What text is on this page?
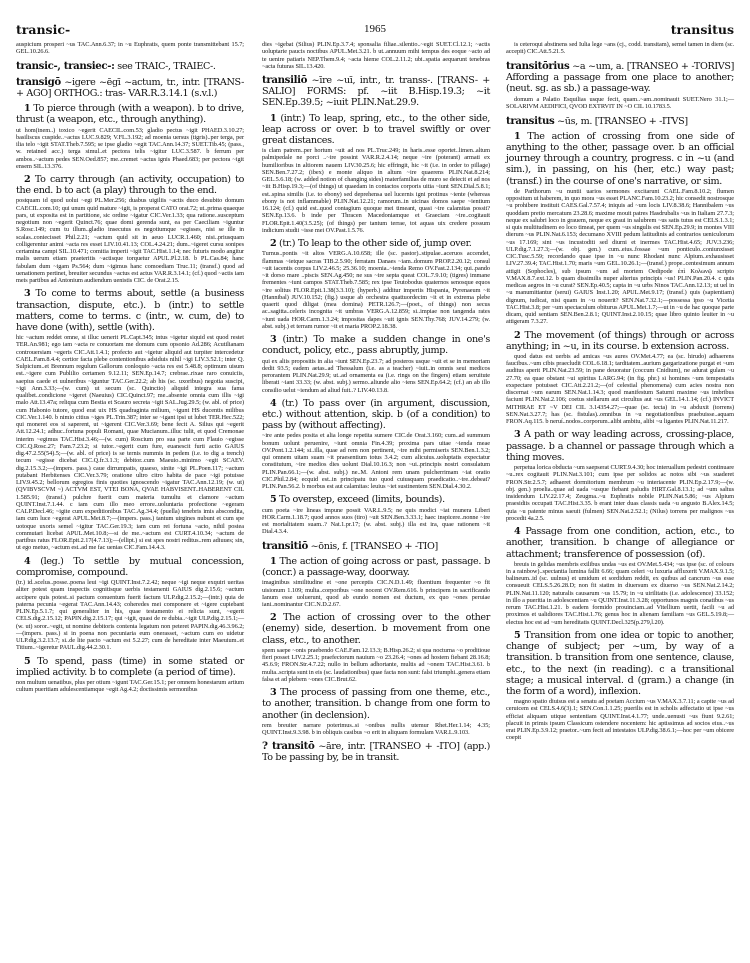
transic-	1965	transitus

auspicium prosperi ~us TAC.Ann.6.37; in ~u Euphratis, quem ponte transmittebant 15.7; GEL.10.26.6.

transic-, transiec-: see TRAIC-, TRAIEC-.

transigō ~igere ~ēgī ~actum, tr., intr. [TRANS- + AGO] ORTHOG.: tras- VAR.R.3.14.1 (s.v.l.)

1 To pierce through (with a weapon). b to drive, thrust (a weapon, etc., through anything).

ut hom(inem..) toxico ~egerit CAECIL.com.53; gladio pectus ~igit PHAED.3.10.27; basiliscus cuspide..~actus LUC.9.829; V.FL.3.192; ad moenia uersus (tigris)..per terga, per ilia telo ~igit STAT.Theb.7.595; se ipse gladio ~egit TAC.Ann.14.37; SUET.Tib.45; (pass., w. retained acc.) terga simul..et pectora telis ~igitur LUC.3.587. b ferrum per ambos..~actum pedes SEN.Oed.857; me..cremet ~actus ignis Phaed.683; per pectora ~igit ensem SIL.13.376.

2 To carry through (an activity, occupation) to the end. b to act (a play) through to the end.

postquam id quod uolui ~egi PL.Mer.256; duabus uigiliis ~actis duco desubito domum CAECIL.com.10; qui unum quid mature ~igit, is properat CATO orat.72; ut..prima quaeque pars, ut exposita est in partitione, sic ordine ~igatur CIC.Ver.1.33; qua ratione..susceptum negotium non ~egerit Quinct.76; quae domi gerenda sunt, ea per Caeciliam ~iguntur S.Rosc.149; cum tu illum..gladio insecutus es negotiumque ~egisses, nisi se ille in scalas..coniecisset Phil.2.21; ~actum quid sit in aeuo LUCR.1.460; nisi..priusquam colligerentur animi ~acta res esset LIV.10.41.13; COL.4.24.21; dum..~igeret cursu sonipes certamina campi SIL.10.471; comitia imperii ~igit TAC.Hist.1.14; nec futuris modo angitur malis uerum etiam praeteritis ~actisque torquetur APUL.Pl.2.18. b PL.Cas.84; hanc fabulam dum ~igam Ps.564; dum ~igimus hanc comoediam Truc.11; (transf.) quod ad uenationem pertinet, breuiter secundus ~actus est actus VAR.R.3.14.1; (cf.) quod ~actis iam meis partibus ad Antonium audiendum uenistis CIC. de Orat.2.15.

3 To come to terms about, settle (a business transaction, dispute, etc.). b (intr.) to settle matters, come to terms. c (intr., w. cum, de) to have done (with), settle (with).

hic ~actum reddet omne, si illuc uenerit PL.Capt.345; intus ~igetur siquid est quod restet TER.An.981; ego iam ~acta re conuortam me domum cum opsonio Ad.286; Acutilianam controuersiam ~egeris CIC.Att.1.4.1; profecto aut ~igetur aliquid aut turpiter intercedetur CAEL.Fam.8.4.4; certior facta plebe contentionibus adsiduis nihil ~igi LIV.3.52.1; inter Q. Sulpicium..et Brennum regulum Gallorum conloquio ~acta res est 5.48.8; optimum uisum est..~igere cum Publilio certamen 9.12.11; SEN.Ep.14.7; crebrae..rixae raro conuiciis, saepius caede et uulneribus ~iguntur TAC.Ger.22.2; ab his (sc. uxoribus) negotia suscipi, ~igi Ann.3.33;—(w. cum) ut secum (sc. Quinctio) aliquid integra sua fama qualibet..condicione ~igeret (Naeuius) CIC.Quinct.97; me..absente omnia cum illis ~igi malo Att.13.47a; reliqua cum Bestia et Scauro secreta ~igit SAL.Jug.29.5; (w. abl. of price) cum Habonio tutore, quod erat uix HS quadraginta milium, ~igunt HS ducentis milibus CIC.Ver.1.140. b nimio citius ~iges PL.Trin.387; inter se ~igant ipsi ut lubet TER.Hec.522; qui moneret eos si saperent, ut ~igerent CIC.Ver.3.69; bene fecit A. Silius qui ~egerit Att.12.24.1; adhuc..fortuna populi Romani, quae Mucianum..illuc tulit, et quod Cremonae interim ~egimus TAC.Hist.3.46;—(w. cum) Roscium pro sua parte cum Flauio ~egisse CIC.Q.Rosc.27; Fam.7.23.2; si tutor..~egerit cum fure, euanescit furti actio GAIUS dig.47.2.55(54).5;—(w. abl. of price) is se ternis nummis in pedem (i.e. to dig a trench) tecum ~egisse dicebat CIC.Q.fr.3.1.3; debitor..cum Maeuio..minimo ~egit SCAEV. dig.2.15.3.2;—(impers. pass.) caue dirrumpatis, quaeso, sinite ~igi PL.Poen.117; ~actum putabant Herbitenses CIC.Ver.3.79; oratione ultro citro habita de pace ~igi potuisse LIV.9.45.2; bellorum egregios finis quoties ignoscendo ~igatur TAC.Ann.12.19; (w. ut) (QVIBVSCVM ~) ACTVM EST, VTEI BONA, QVAE HABVISENT..HABERENT CIL 1.585.91; (transf.) pulchre fuerit cum materia tumultu et clamore ~actum QUINT.Inst.7.1.44. c iam cum illo meo errore..uoluntaria profectione ~egeram CALP.Decl.46; ~igite cum expeditionibus TAC.Ag.34.4; (puella) tenebris imis abscondita, iam cum luce ~egerat APUL.Met.8.7;—(impers. pass.) tantum uirgines nubunt et cum spe uotoque uxoris semel ~igitur TAC.Ger.19.3; iam cum rei fortuna ~acto, nihil postea commutari licebat APUL.Met.10.8;—si de me..~actum est CURT.4.10.34; ~actum de partibus ratus FLOR.Epit.2.17(4.7.13);—(ellipt.) si est spes nostri reditus..rem adiuues; sin, ut ego metuo, ~actum est..ad me fac uenias CIC.Fam.14.4.3.

4 (leg.) To settle by mutual concession, compromise, compound.

(tr.) id..scelus..posse..poena leui ~igi QUINT.Inst.7.2.42; neque ~igi neque exquiri ueritas aliter potest quam inspectis cognitisque uerbis testamenti GAIUS dig.2.15.6; ~actum accipere quis potest..si pactum conuentum fuerit factum ULP.dig.2.15.2;—(intr.) quia de paterna pecunia ~egerat TAC.Ann.14.43; coheredes mei componere et ~igere cupiebant PLIN.Ep.5.1.7; qui generaliter in his, quae testamento ei relicta sunt, ~egerit CELS.dig.2.15.12; PAPIN.dig.2.15.17; qui ~igit, quasi de re dubia..~igit ULP.dig.2.15.1;—(w. ut) soror..~egit, ut nomine debitoris contenta legatum non peteret PAPIN.dig.46.3.96.2;—(impers. pass.) si in poena non pecuniaria eum onerasset, ~actum cum eo uidetur ULP.dig.3.2.13.7; si..de lite pacto ~actum est 5.2.27; cum de hereditate inter Maeuium..et Titium..~igeretur PAUL.dig.44.2.30.1.

5 To spend, pass (time) in some stated or implied activity. b to complete (a period of time).

non multum uenatibus, plus per otium ~igunt TAC.Ger.15.1; per omnem honestarum artium cultum pueritiam adulescentiamque ~egit Ag.4.2; doctissimis sermonibus

dies ~igebat (Silius) PLIN.Ep.3.7.4; sponsalia filiae..silentio..~egit SUET.Cl.12.1; ~actis uoluptarie paucis noctibus APUL.Met.3.21. b ut..annuum mihi tempus des eoque ~acto ad te uenire patiaris NEP.Them.9.4; ~acta hieme COL.2.11.2; ubi..spatia aequarunt tenebras ~acta futuras SIL.13.420.

transiliō ~īre ~uī, intr., tr. transs-. [TRANS- + SALIO] FORMS: pf. ~iit B.Hisp.19.3; ~it SEN.Ep.39.5; ~iuit PLIN.Nat.29.9.

1 (intr.) To leap, spring, etc., to the other side, leap across or over. b to travel swiftly or over great distances.

is clam patrem..per hortum ~uit ad nos PL.Truc.249; in haris..esse oportet..limen..altum palmipedale ne porci ..~ire possint VAR.R.2.4.14; neque ~ire (poterant) armati ex humilioribus in altiorem nauem LIV.30.25.6; hic effringit, hic ~it (i.e. in order to pillage) SEN.Ben.7.27.2; (ibex) e monte aliquo in altum ~ire quaerens PLIN.Nat.8.214; GEL.5.6.18; (w. added notion of changing sides) materfamilias de muro se deiecit et ad nos ~iit B.Hisp.19.3;—(of things) ut quaedam in contactos corporis uitia ~iunt SEN.Dial.5.8.1; est..spina similis (i.e. to ebony) sed deprehensa uel lucernis igni protinus ~iente (whereas ebony is not inflammable) PLIN.Nat.12.21; ramorum..in uicinas domos saepe ~ientium 16.124; (cf.) quid est..quod contagium quoque mei timeant, quasi ~ire calamitas possit? SEN.Ep.13.6. b inde per Thracen Macedoniamque et Graeciam ~ire..cogitauit FLOR.Epit.1.40(3.5.25); (of things) per tantum terrae, tot aquas uix credere possum indicium studii ~isse mei OV.Past.1.5.76.

2 (tr.) To leap to the other side of, jump over.

Turnus..pontis ~it altos VERG.A.10.658; ille (sc. pastor)..stipulae..aceruos accendet, flammas ~ietque sacras TIB.2.5.90; ferratam Danaes ~iam..domum PROP.2.20.12; consul ~uit iacentis corpus LIV.2.46.5; 25.36.10; moenia..~ienda Remo OV.Fast.2.134; qui..pando ~it dorso mare ..piscis SEN.Ag.450; ne sus ~ire septa queat COL.7.9.10; (tigres) immane frementes ~iunt campos STAT.Theb.7.585; rex ipse Teutobodus quaternos senosque equos ~ire solitus FLOR.Epit.1.38(3.3.10); (hyperb.) additur imperiis Hispania, Pyrenaeum ~it (Hannibal) JUV.10.152; (fig.) usque ab orchestra quattuordecim ~it et in extrema plebe quaerit quod diligat (mea domina) PETR.126.7;—(poet., of things) non secus ac..sagitta..celeris incognita ~it umbras VERG.A.12.859; si..impiae non tangenda rates ~iunt uada HOR.Carm.1.3.24; impositas dapes ~uit ignis SEN.Thy.768; JUV.14.279; (w. abst. subj.) et terram rumor ~it et maria PROP.2.18.38.

3 (intr.) To make a sudden change in one's conduct, policy, etc., pass abruptly, jump.

qui ex aliis propositis in alia ~iunt SEN.Ep.23.7; ad posteros usque ~uit et se in memoriam dedit 93.5; eadem aetas..ad Thessalum (i.e. as a teacher) ~iuit..in omnis seui medicos perorantem PLIN.Nat.29.9; ut..ad ornamenta ea (i.e. rings on the fingers) etiam seruitute liberati ~iant 33.33; (w. abst. subj.) sermo..aliunde alio ~iens SEN.Ep.64.2; (cf.) an ab illo consilio uelut ~iendum ad aliud fuit..? LIV.40.13.8.

4 (tr.) To pass over (in argument, discussion, etc.) without attention, skip. b (of a condition) to pass by (without affecting).

~ire ante pedes posita et alia longe repetita sumere CIC.de Orat.3.160; cum..ad summum bonum uolunt peruenire, ~iunt omnia Fin.4.39; proxima pars uitae ~ienda meae OV.Pont.1.2.144; si..illa, quae ad rem non pertinent, ~ire mihi permiseris SEN.Ben.1.3.2; qui omnem uitam suam ~it praesentium totus 3.4.2; cum alicuius..uoluptatis expectatur constitutum, ~ire medios dies uolunt Dial.10.16.3; non ~ui..principis nostri consulatum PLIN.Pan.66.1;—(w. abst. subj.) ne..M. Antoni rem unam pulcherrimam ~iat oratio CIC.Phil.2.84; ecquid est..in principatu tuo quod cuiusquam praedicatio..~ire..debeat? PLIN.Pan.56.2. b morbus est aut calamitas: leuius ~iet sustinentem SEN.Dial.4.30.2.

5 To overstep, exceed (limits, bounds).

cum poeta ~ire lineas impune possit VAR.L.9.5; ne quis modici ~iat munera Liberi HOR.Carm.1.18.7; quod annos suos (tiro) ~uit SEN.Ben.3.33.1; haec inspicere..nonne ~ire est mortalitatem suam..? Nat.1.pr.17; (w. abst. subj.) illa est ira, quae rationem ~it Dial.4.3.4.

transitiō ~ōnis, f. [TRANSEO + -TIO]

1 The action of going across or past, passage. b (concr.) a passage-way, doorway.

imaginibus similitudine et ~one perceptis CIC.N.D.1.49; fluentium frequenter ~o fit uisionum 1.109; multa..corporibus ~one nocent OV.Rem.616. b principem in sacrificando Ianum esse uoluerunt, quod ab eundo nomen est ductum, ex quo ~ones peruiae iani..nominantur CIC.N.D.2.67.

2 The action of crossing over to the other (enemy) side, desertion. b movement from one class, etc., to another.

spem saepe ~onis praebendo CAE.Fam.12.13.3; B.Hisp.26.2; si qua nocturna ~o proditioue fieri posset LIV.2.25.1; praefectorum nauium ~o 23.26.4; ~ones ad hostem fiebant 28.16.8; 45.6.9; FRON.Str.4.7.22; nullo in bellum adhortante, multis ad ~onem TAC.Hist.3.61. b multa..scripta sunt in eis (sc. laudationibus) quae facta non sunt: falsi triumphi..genera etiam falsa et ad plebem ~ones CIC.Brut.62.

3 The process of passing from one theme, etc., to another, transition. b change from one form to another (in declension).

rem breuiter narrare poterimus..si ~onibus nullis utemur Rhet.Her.1.14; 4.35; QUINT.Inst.9.3.98. b in obliquis casibus ~o erit in aliquam formulam VAR.L.9.103.

? transitō ~āre, intr. [TRANSEO + -ITO] (app.) To be passing by, be in transit.

is ceteroqui abstinens sed Iulia lege ~ans (cj., codd. transitam), semel tamen in diem (sc. accepit) CIC.Att.5.21.5.

transitōrius ~a ~um, a. [TRANSEO + -TORIVS] Affording a passage from one place to another; (neut. sg. as sb.) a passage-way.

domum a Palatio Esquilias usque fecit, quam..~am..nominauit SUET.Nero 31.1;—SOLARIVM AEDIFICI, QVOD EXTRVIT IN ~O CIL 10.1783.5.

transitus ~ūs, m. [TRANSEO + -ITVS]

1 The action of crossing from one side of anything to the other, passage over. b an official journey through a country, progress. c in ~u (and sim.), in passing, on his (her, etc.) way past; (transf.) in the course of one's narrative, or sim.

de Parthorum ~u nuntii uarios sermones excitarunt CAEL.Fam.8.10.2; flumen oppositum ut haberem, in quo mora ~us esset PLANC.Fam.10.23.2; hic consedit nostrosque ~u prohibere instituit CAES.Gal.7.57.4; iniquis ad ~um locis LIV.8.38.6; Hannibalem ~us quoddam pretio mercatum 23.28.6; maxime mouit patres Hasdrubalis ~us in Italiam 27.7.3; neque ex salubri loco in grauem, neque ex graui in salubrem ~us satis tutus est CELS.1.3.1; si quis multitudinem eo loco timeat, per quem ~us singulis est SEN.Ep.29.9; in montes VIII dierum ~us PLIN.Nat.6.153; decumano XVIII pedum latitudinis ad contrarios ueniculorum ~us 17.169; sint ~us incustoditi sed diurni et inermes TAC.Hist.4.65; JUV.3.236; ULP.dig.7.1.27.3;—(w. obj. gen.) cum..eius..fossae ~um ponticulo..coniunxisset CIC.Tusc.5.59; recordando quae ipse in ~u nunc Rhodani nunc Alpium..exhausisset LIV.27.39.4; TAC.Hist.1.70; maris ~um GEL.10.26.1;—(transf.) prope..centesimum annum attigit (Sophocles), sub ipsum ~um ad mortem Oedipode ἐπὶ Κολωνῷ scripto V.MAX.8.7.ext.12. b quam dissimilis nuper alterius principis ~us! PLIN.Pan.20.4. c quis medicas aegros in ~u curat? SEN.Ep.40.5; capta in ~u urbs Ninos TAC.Ann.12.13; ut uel in ~u manumittantur (serui) GAIUS Inst.1.20; APUL.Met.9.17; (transf.) quis (sapientiam) dignum, iudicat, nisi quam in ~u nouerit? SEN.Nat.7.32.1;—possessa ipso ~u Vicetia TAC.Hist.3.8; per ~um spectaculum obiturus APUL.Met.1.7;—ut in ~u de hac quoque parte dicam, quid sentiam SEN.Ben.2.8.1; QUINT.Inst.2.10.15; quae libro quinto leuiter in ~u attigeram 7.3.27.

2 The movement (of things) through or across anything; in ~u, in its course. b extension across.

quod datus est uerbis ad amicas ~us aures OV.Met.4.77; ea (sc. hirudo) adhaerens faucibus..~um cibis praecludit COL.6.18.1; tarditatem..aurium gargarizatione purgat et ~um auditus aperit PLIN.Nat.23.59; in pane deuoratur (coccum Cnidium), ne adurat gulam ~u 27.70; ea quae obstant ~ui spiritus LARG.94; (in fig. phr.) si homines ~um tempestatis exspectare potuisset CIC.Att.2.21.2;—(of celestial phenomena) cum acies nostra non discernat ~um earum SEN.Nat.1.14.3; quod manifestum Saturni maxime ~us imbribus faciunt PLIN.Nat.2.106; coetus stellarum aut circultus aut ~us GEL.14.1.14; (cf.) INVICT MITHRAE ET ~V DEI CIL 3.14354.27;—quae (sc. tecta) in ~u abduxit (torrens) SEN.Nat.3.27.7; has (sc. fistulas)..omnibus in ~u negotiationibus praebuisse..aquam FRON.Aq.115. b neruí..nodos..corporum..alibi ambitu, alibi ~u ligantes PLIN.Nat.11.217.

3 A path or way leading across, crossing-place, passage. b a channel or passage through which a thing moves.

perpetua lorica obducta ~um saepserat CURT.9.4.30; hoc interuallum pedestri continuare ~u..rex cogitauit PLIN.Nat.3.101; cum ipse per solidos ac notos sibi ~us suaderet FRON.Str.2.5.7; adhaeret dormitorium membrum ~u interiacente PLIN.Ep.2.17.9;—(w. obj. gen.) proelia..quae ad uada ~usque fiebant paludis HIRT.Gal.8.13.1; ad ~um saltus insidendum LIV.22.17.4; Zeugma..~u Euphratis nobile PLIN.Nat.5.86; ~us Alpium praesidiis occupati TAC.Hist.3.35. b erant inter duas classis uada ~u angusto B.Alex.14.5; quia ~u patente minus saeuit (fulmen) SEN.Nat.2.52.1; (Nilus) torrens per malignos ~us procedit 4a.2.5.

4 Passage from one condition, action, etc., to another, transition. b change of allegiance or attachment; transference of possession (of).

breuis in gelidas membris exilibus undas ~us est OV.Met.5.434; ~us ipse (sc. of colours in a rainbow)..spectantia lumina fallit 6.66; quam celeri ~u luxuria affluxerit V.MAX.9.1.5; balineum..id (sc. uulnus) et umidum et sordidum reddit, ex quibus ad cancrum ~us esse consueuit CELS.5.26.28.D; non fit statim in diuersum ex diuerso ~us SEN.Nat.2.14.2; PLIN.Nat.11.120; naturalis causarum ~us 15.79; in ~u uirilitatis (i.e. adolescence) 33.152; in illo a pueritia in adolescentiam ~u QUINT.Inst.11.3.28; opportunos magnis conatibus ~us rerum TAC.Hist.1.21. b eadem formido prouinciam..ad Vitellium uertit, facili ~u ad proximos et ualidiores TAC.Hist.1.76; genus hoc in alienam familiam ~us GEL.5.19.8;—electus hoc est ad ~um hereditatis QUINT.Decl.325(p.279,l.20).

5 Transition from one idea or topic to another, change of subject; per ~um, by way of a transition. b transition from one sentence, clause, etc., to the next (in reading). c a transitional stage; a musical interval. d (gram.) a change (in the form of a word), inflexion.

magno spatio diuisus est a senatu ad poetam Accium ~us V.MAX.3.7.11; a capite ~us ad ceruicem est CELS.4.6(3).1; SEN.Con.1.1.25; puerilis est in scholis adfectatio ut ipse ~us efficiat aliquam utique sententiam QUINT.Inst.4.1.77; unde..uenusti ~us fiunt 9.2.61; placuit in primis ipsum Classicum ostendere nocentem: hic aptissimus ad socios eius..~us erat PLIN.Ep.3.9.12; praetor..~um fecit ad intestatos ULP.dig.38.6.1;—hoc per ~um obicere coepit
